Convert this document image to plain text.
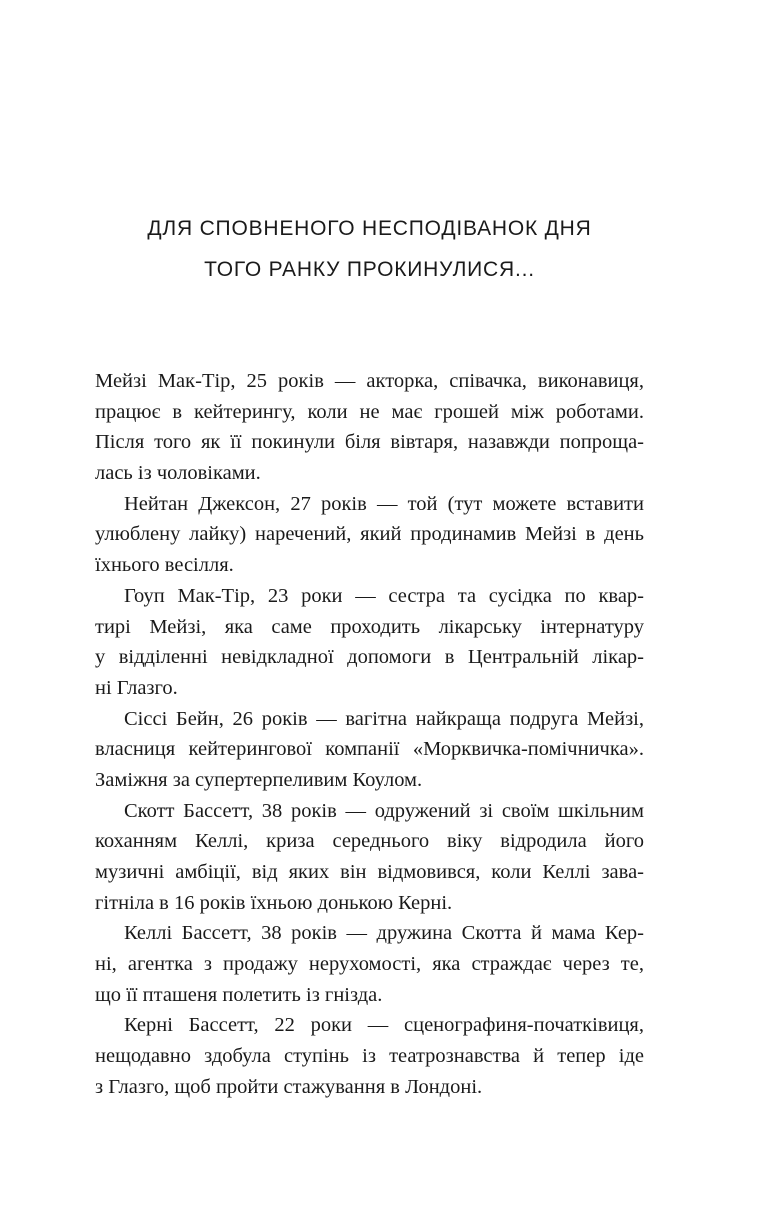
ДЛЯ СПОВНЕНОГО НЕСПОДІВАНОК ДНЯ
ТОГО РАНКУ ПРОКИНУЛИСЯ...
Мейзі Мак-Тір, 25 років — акторка, співачка, виконавиця,
працює в кейтерингу, коли не має грошей між роботами.
Після того як її покинули біля вівтаря, назавжди попроща-
лась із чоловіками.
Нейтан Джексон, 27 років — той (тут можете вставити
улюблену лайку) наречений, який продинамив Мейзі в день
їхнього весілля.
Гоуп Мак-Тір, 23 роки — сестра та сусідка по квар-
тирі Мейзі, яка саме проходить лікарську інтернатуру
у відділенні невідкладної допомоги в Центральній лікар-
ні Глазго.
Сіссі Бейн, 26 років — вагітна найкраща подруга Мейзі,
власниця кейтерингової компанії «Морквичка-помічничка».
Заміжня за супертерпеливим Коулом.
Скотт Бассетт, 38 років — одружений зі своїм шкільним
коханням Келлі, криза середнього віку відродила його
музичні амбіції, від яких він відмовився, коли Келлі зава-
гітніла в 16 років їхньою донькою Керні.
Келлі Бассетт, 38 років — дружина Скотта й мама Кер-
ні, агентка з продажу нерухомості, яка страждає через те,
що її пташеня полетить із гнізда.
Керні Бассетт, 22 роки — сценографиня-початківиця,
нещодавно здобула ступінь із театрознавства й тепер іде
з Глазго, щоб пройти стажування в Лондоні.
